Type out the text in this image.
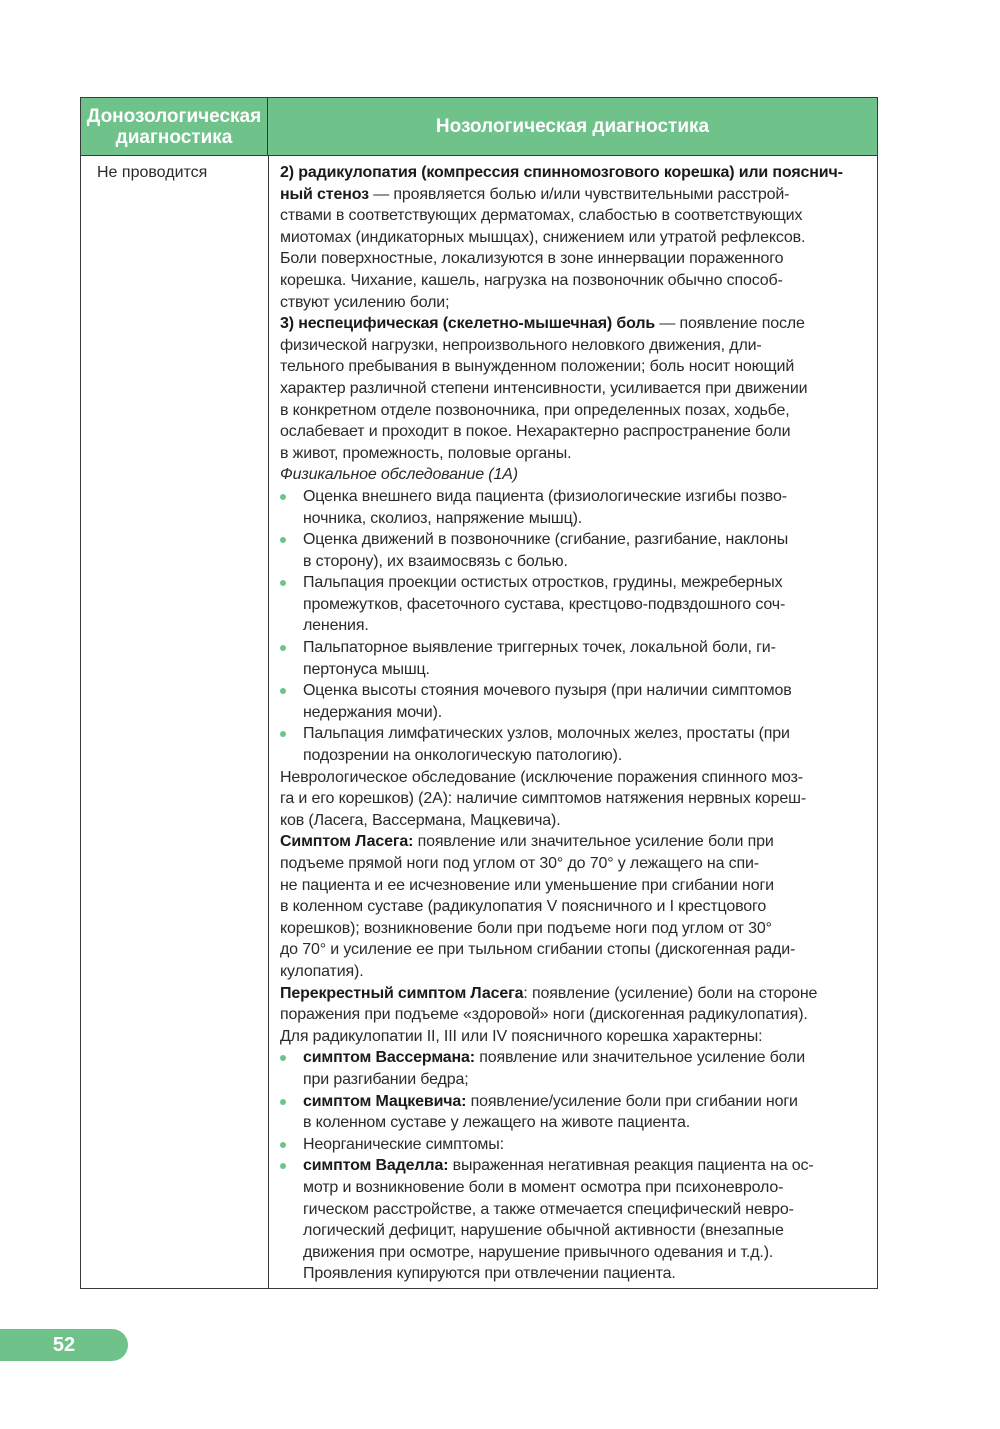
Донозологическая диагностика
Нозологическая диагностика
Не проводится	2) радикулопатия (компрессия спинномозгового корешка) или пояснич-
ный стеноз — проявляется болью и/или чувствительными расстрой-
ствами в соответствующих дерматомах, слабостью в соответствующих
миотомах (индикаторных мышцах), снижением или утратой рефлексов.
Боли поверхностные, локализуются в зоне иннервации пораженного
корешка. Чихание, кашель, нагрузка на позвоночник обычно способ-
ствуют усилению боли;
3) неспецифическая (скелетно-мышечная) боль — появление после
физической нагрузки, непроизвольного неловкого движения, дли-
тельного пребывания в вынужденном положении; боль носит ноющий
характер различной степени интенсивности, усиливается при движении
в конкретном отделе позвоночника, при определенных позах, ходьбе,
ослабевает и проходит в покое. Нехарактерно распространение боли
в живот, промежность, половые органы.
Физикальное обследование (1А)
Оценка внешнего вида пациента (физиологические изгибы позво-
ночника, сколиоз, напряжение мышц).
Оценка движений в позвоночнике (сгибание, разгибание, наклоны
в сторону), их взаимосвязь с болью.
Пальпация проекции остистых отростков, грудины, межреберных
промежутков, фасеточного сустава, крестцово-подвздошного соч-
ленения.
Пальпаторное выявление триггерных точек, локальной боли, ги-
пертонуса мышц.
Оценка высоты стояния мочевого пузыря (при наличии симптомов
недержания мочи).
Пальпация лимфатических узлов, молочных желез, простаты (при
подозрении на онкологическую патологию).
Неврологическое обследование (исключение поражения спинного моз-
га и его корешков) (2А): наличие симптомов натяжения нервных кореш-
ков (Ласега, Вассермана, Мацкевича).
Симптом Ласега: появление или значительное усиление боли при
подъеме прямой ноги под углом от 30° до 70° у лежащего на спи-
не пациента и ее исчезновение или уменьшение при сгибании ноги
в коленном суставе (радикулопатия V поясничного и I крестцового
корешков); возникновение боли при подъеме ноги под углом от 30°
до 70° и усиление ее при тыльном сгибании стопы (дискогенная ради-
кулопатия).
Перекрестный симптом Ласега: появление (усиление) боли на стороне
поражения при подъеме «здоровой» ноги (дискогенная радикулопатия).
Для радикулопатии II, III или IV поясничного корешка характерны:
симптом Вассермана: появление или значительное усиление боли
при разгибании бедра;
симптом Мацкевича: появление/усиление боли при сгибании ноги
в коленном суставе у лежащего на животе пациента.
Неорганические симптомы:
симптом Ваделла: выраженная негативная реакция пациента на ос-
мотр и возникновение боли в момент осмотра при психоневроло-
гическом расстройстве, а также отмечается специфический невро-
логический дефицит, нарушение обычной активности (внезапные
движения при осмотре, нарушение привычного одевания и т.д.).
Проявления купируются при отвлечении пациента.
52
